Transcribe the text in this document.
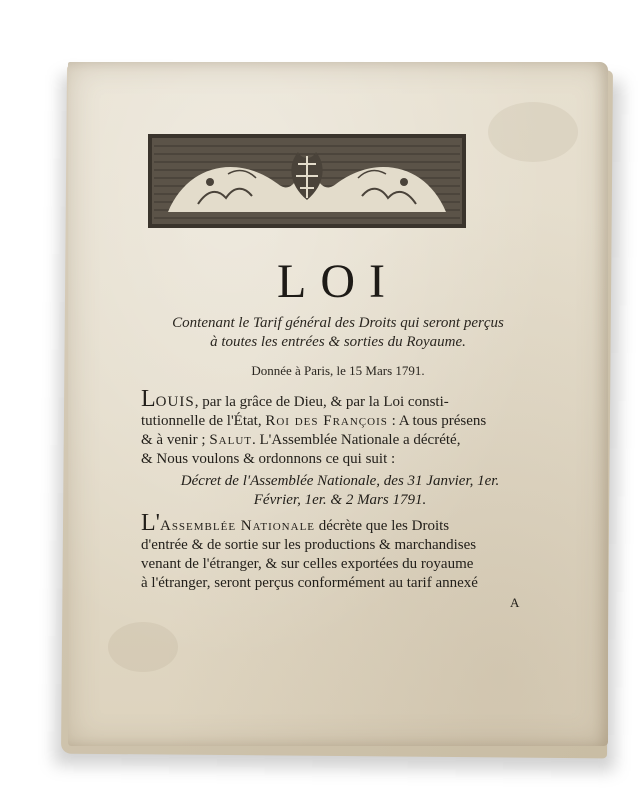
LOI
Contenant le Tarif général des Droits qui seront perçus
à toutes les entrées & sorties du Royaume.
Donnée à Paris, le 15 Mars 1791.
LOUIS, par la grâce de Dieu, & par la Loi consti-
tutionnelle de l'État, Roi des François : A tous présens
& à venir ; Salut. L'Assemblée Nationale a décrété,
& Nous voulons & ordonnons ce qui suit :
Décret de l'Assemblée Nationale, des 31 Janvier, 1er.
Février, 1er. & 2 Mars 1791.
L'Assemblée Nationale décrète que les Droits
d'entrée & de sortie sur les productions & marchandises
venant de l'étranger, & sur celles exportées du royaume
à l'étranger, seront perçus conformément au tarif annexé
A
